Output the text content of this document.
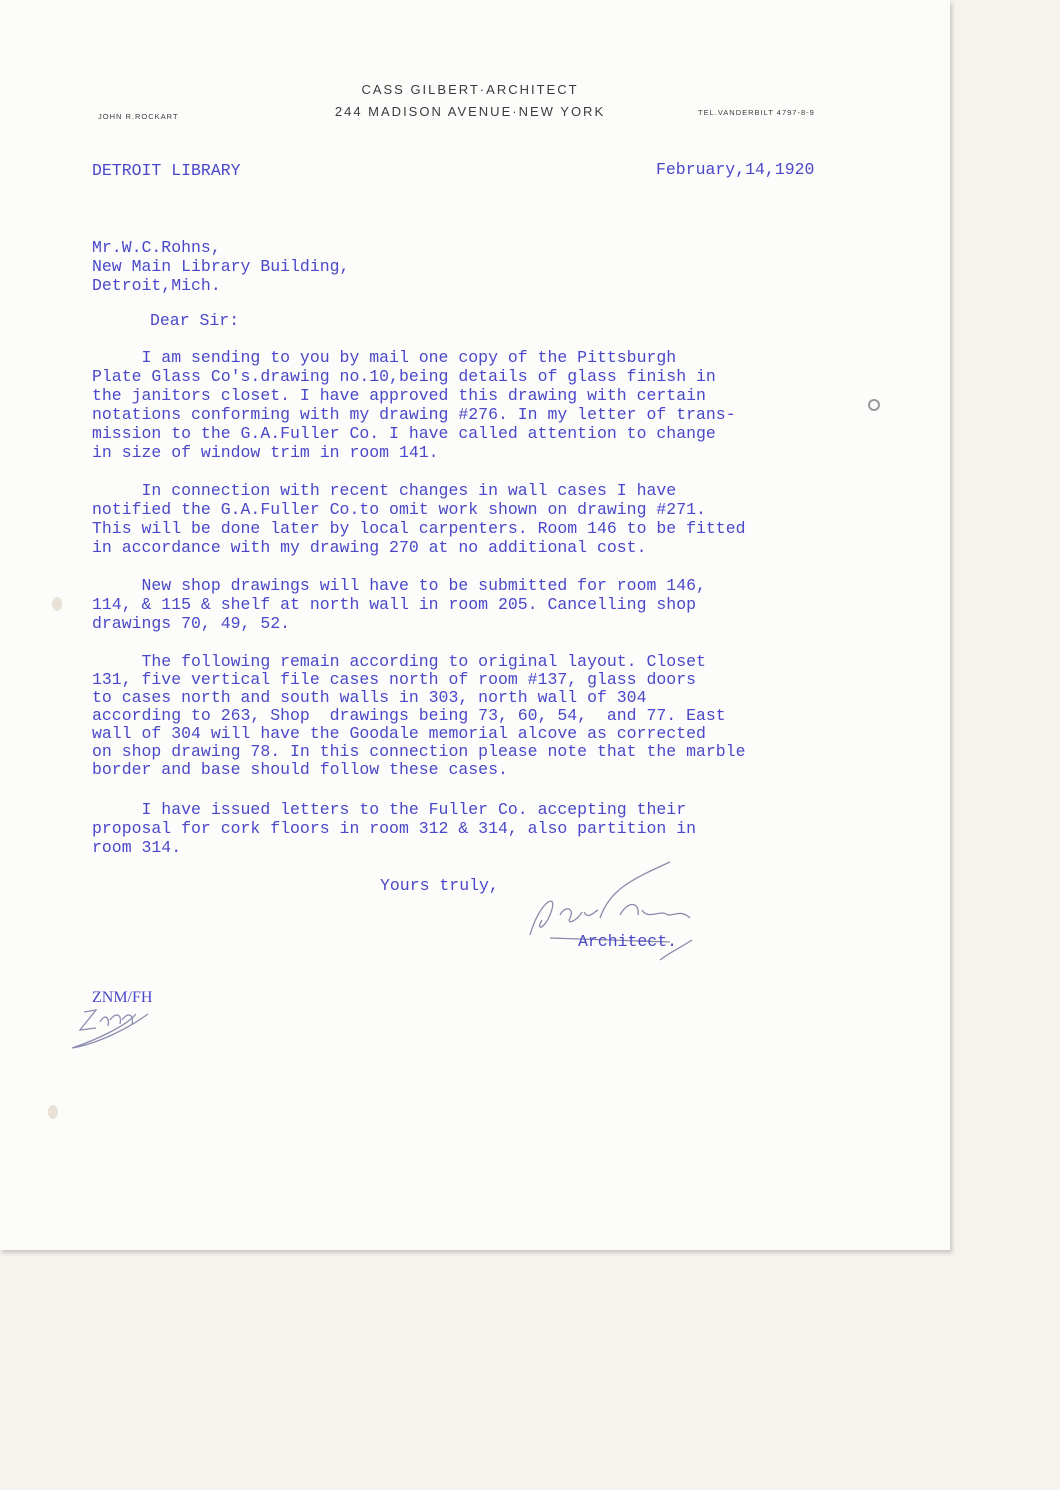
CASS GILBERT·ARCHITECT
244 MADISON AVENUE·NEW YORK
JOHN R.ROCKART	TEL.VANDERBILT 4797-8-9
DETROIT LIBRARY	February,14,1920
Mr.W.C.Rohns,
New Main Library Building,
Detroit,Mich.
Dear Sir:
I am sending to you by mail one copy of the Pittsburgh
Plate Glass Co's.drawing no.10,being details of glass finish in
the janitors closet. I have approved this drawing with certain
notations conforming with my drawing #276. In my letter of trans-
mission to the G.A.Fuller Co. I have called attention to change
in size of window trim in room 141.
In connection with recent changes in wall cases I have
notified the G.A.Fuller Co.to omit work shown on drawing #271.
This will be done later by local carpenters. Room 146 to be fitted
in accordance with my drawing 270 at no additional cost.
New shop drawings will have to be submitted for room 146,
114, & 115 & shelf at north wall in room 205. Cancelling shop
drawings 70, 49, 52.
The following remain according to original layout. Closet
131, five vertical file cases north of room #137, glass doors
to cases north and south walls in 303, north wall of 304
according to 263, Shop  drawings being 73, 60, 54,  and 77. East
wall of 304 will have the Goodale memorial alcove as corrected
on shop drawing 78. In this connection please note that the marble
border and base should follow these cases.
I have issued letters to the Fuller Co. accepting their
proposal for cork floors in room 312 & 314, also partition in
room 314.
Yours truly,
Architect.
ZNM/FH
